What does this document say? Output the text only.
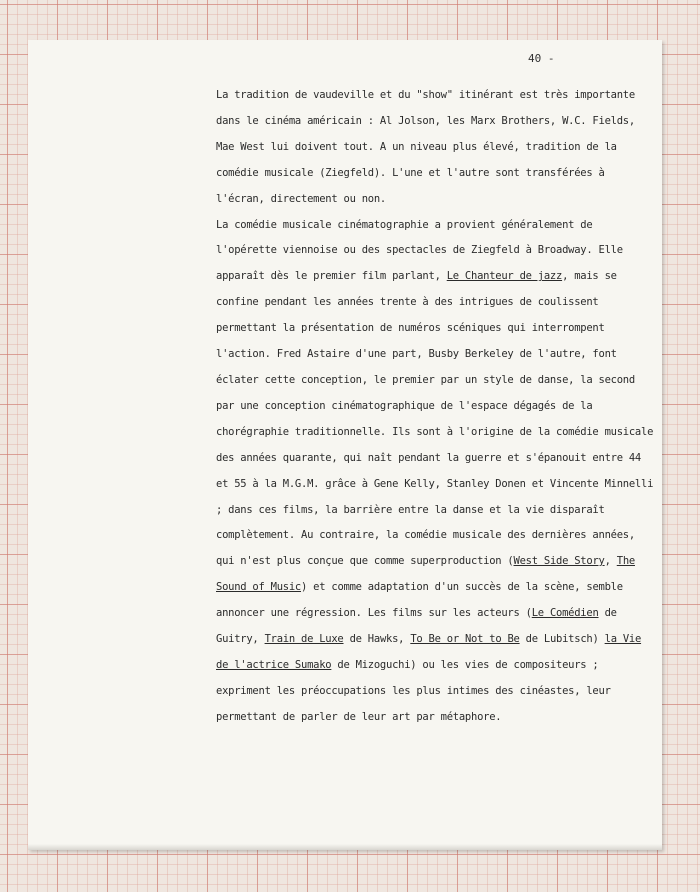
40 -

La tradition de vaudeville et du "show" itinérant est très importante dans le cinéma américain : Al Jolson, les Marx Brothers, W.C. Fields, Mae West lui doivent tout. A un niveau plus élevé, tradition de la comédie musicale (Ziegfeld). L'une et l'autre sont transférées à l'écran, directement ou non.

La comédie musicale cinématographie a provient généralement de l'opérette viennoise ou des spectacles de Ziegfeld à Broadway. Elle apparaît dès le premier film parlant, Le Chanteur de jazz, mais se confine pendant les années trente à des intrigues de coulissent permettant la présentation de numéros scéniques qui interrompent l'action. Fred Astaire d'une part, Busby Berkeley de l'autre, font éclater cette conception, le premier par un style de danse, la second par une conception cinématographique de l'espace dégagés de la chorégraphie traditionnelle. Ils sont à l'origine de la comédie musicale des années quarante, qui naît pendant la guerre et s'épanouit entre 44 et 55 à la M.G.M. grâce à Gene Kelly, Stanley Donen et Vincente Minnelli ; dans ces films, la barrière entre la danse et la vie disparaît complètement. Au contraire, la comédie musicale des dernières années, qui n'est plus conçue que comme superproduction (West Side Story, The Sound of Music) et comme adaptation d'un succès de la scène, semble annoncer une régression. Les films sur les acteurs (Le Comédien de Guitry, Train de Luxe de Hawks, To Be or Not to Be de Lubitsch) la Vie de l'actrice Sumako de Mizoguchi) ou les vies de compositeurs ; expriment les préoccupations les plus intimes des cinéastes, leur permettant de parler de leur art par métaphore.
